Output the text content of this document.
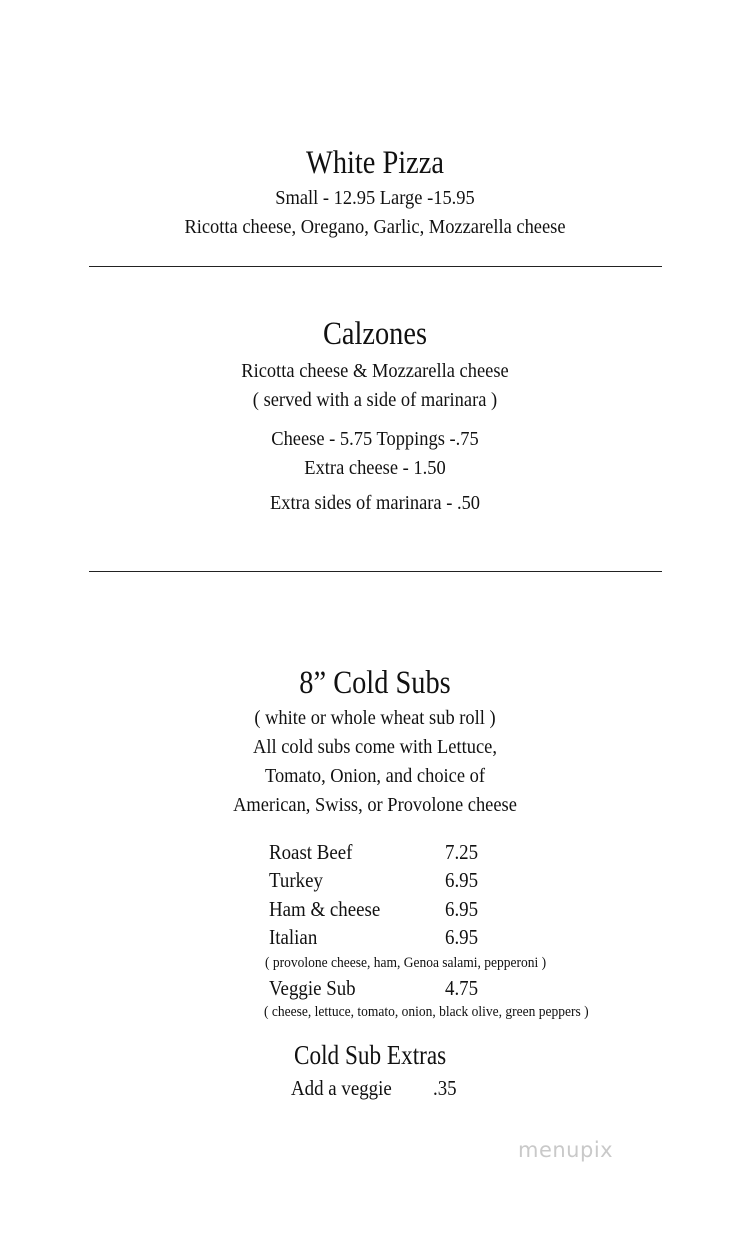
White Pizza
Small - 12.95 Large -15.95
Ricotta cheese, Oregano, Garlic, Mozzarella cheese
Calzones
Ricotta cheese & Mozzarella cheese
( served with a side of marinara )
Cheese - 5.75 Toppings -.75
Extra cheese - 1.50
Extra sides of marinara - .50
8” Cold Subs
( white or whole wheat sub roll )
All cold subs come with Lettuce,
Tomato, Onion, and choice of
American, Swiss, or Provolone cheese
Roast Beef	7.25
Turkey	6.95
Ham & cheese	6.95
Italian	6.95
( provolone cheese, ham, Genoa salami, pepperoni )
Veggie Sub	4.75
( cheese, lettuce, tomato, onion, black olive, green peppers )
Cold Sub Extras
Add a veggie .35
menupix
